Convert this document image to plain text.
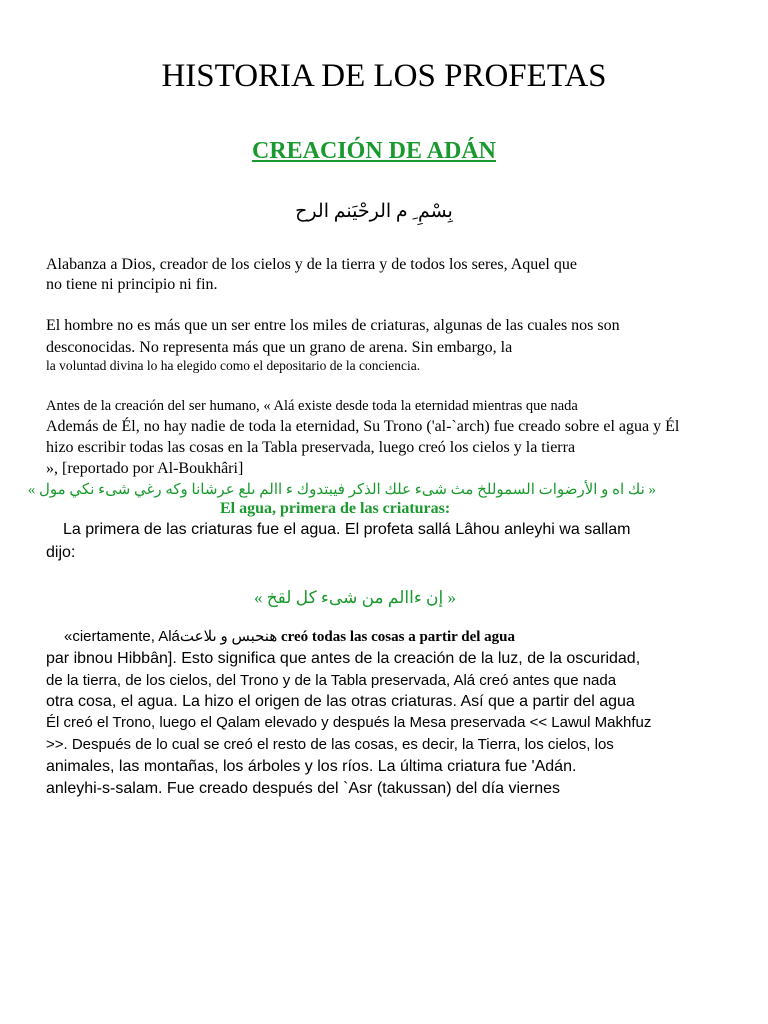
HISTORIA DE LOS PROFETAS
CREACIÓN DE ADÁN
بِسْمِ ِ م الرحْيَنم الرح
Alabanza a Dios, creador de los cielos y de la tierra y de todos los seres, Aquel que
no tiene ni principio ni fin.
El hombre no es más que un ser entre los miles de criaturas, algunas de las cuales nos son
desconocidas. No representa más que un grano de arena. Sin embargo, la
la voluntad divina lo ha elegido como el depositario de la conciencia.
Antes de la creación del ser humano, « Alá existe desde toda la eternidad mientras que nada
Además de Él, no hay nadie de toda la eternidad, Su Trono ('al-`arch) fue creado sobre el agua y Él
hizo escribir todas las cosas en la Tabla preservada, luego creó los cielos y la tierra
», [reportado por Al-Boukhâri]
« نك اه و الأرضوات السموللخ مث شىء علك الذكر فيبتدوك ء االم ىلع عرشانا وكه رغي شىء نكي مول »
El agua, primera de las criaturas:
La primera de las criaturas fue el agua. El profeta sallá Lâhou anleyhi wa sallam
dijo:
« إن ءاالم من شىء كل لقخ »
«ciertamente, Aláهنحبس و ىلاعت creó todas las cosas a partir del agua
par ibnou Hibbân]. Esto significa que antes de la creación de la luz, de la oscuridad,
de la tierra, de los cielos, del Trono y de la Tabla preservada, Alá creó antes que nada
otra cosa, el agua. La hizo el origen de las otras criaturas. Así que a partir del agua
Él creó el Trono, luego el Qalam elevado y después la Mesa preservada << Lawul Makhfuz
>>. Después de lo cual se creó el resto de las cosas, es decir, la Tierra, los cielos, los
animales, las montañas, los árboles y los ríos. La última criatura fue 'Adán.
anleyhi-s-salam. Fue creado después del `Asr (takussan) del día viernes
